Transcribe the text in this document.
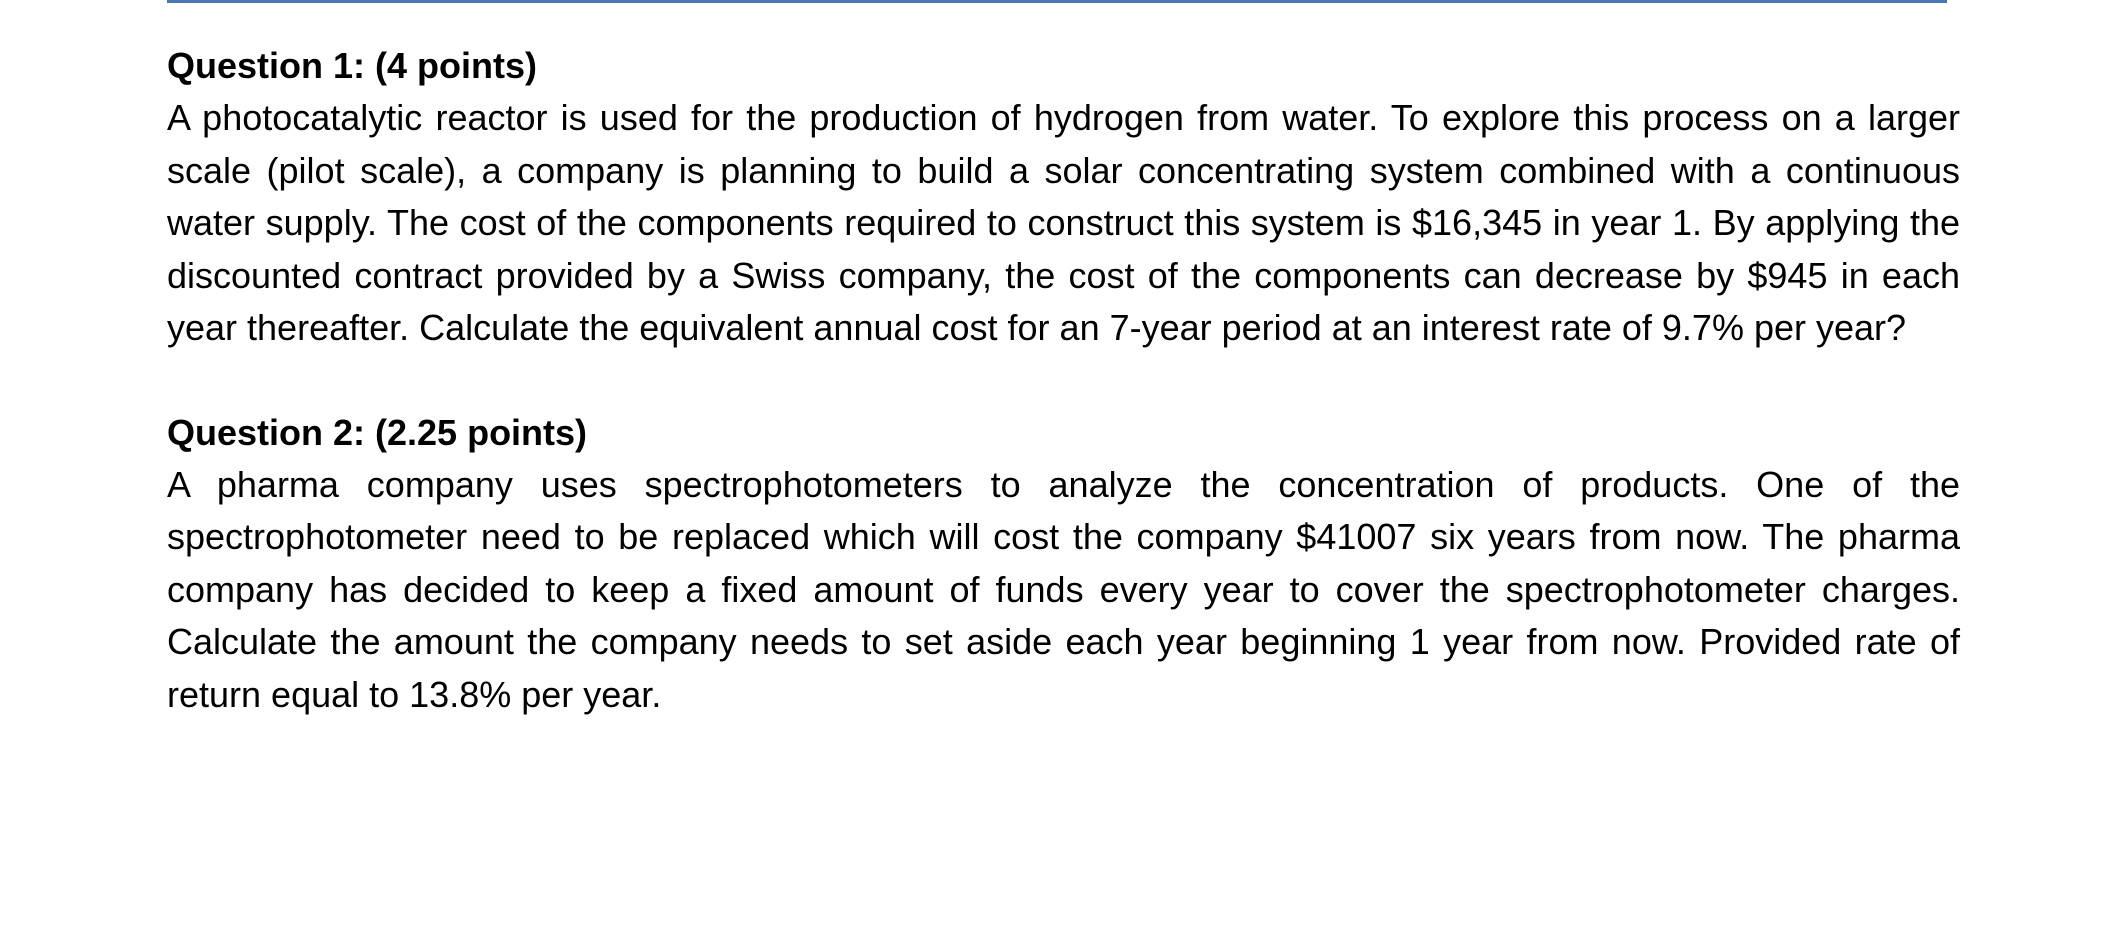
Question 1: (4 points)

A photocatalytic reactor is used for the production of hydrogen from water. To explore this process on a larger scale (pilot scale), a company is planning to build a solar concentrating system combined with a continuous water supply. The cost of the components required to construct this system is $16,345 in year 1. By applying the discounted contract provided by a Swiss company, the cost of the components can decrease by $945 in each year thereafter. Calculate the equivalent annual cost for an 7-year period at an interest rate of 9.7% per year?

Question 2: (2.25 points)

A pharma company uses spectrophotometers to analyze the concentration of products. One of the spectrophotometer need to be replaced which will cost the company $41007 six years from now. The pharma company has decided to keep a fixed amount of funds every year to cover the spectrophotometer charges. Calculate the amount the company needs to set aside each year beginning 1 year from now. Provided rate of return equal to 13.8% per year.
